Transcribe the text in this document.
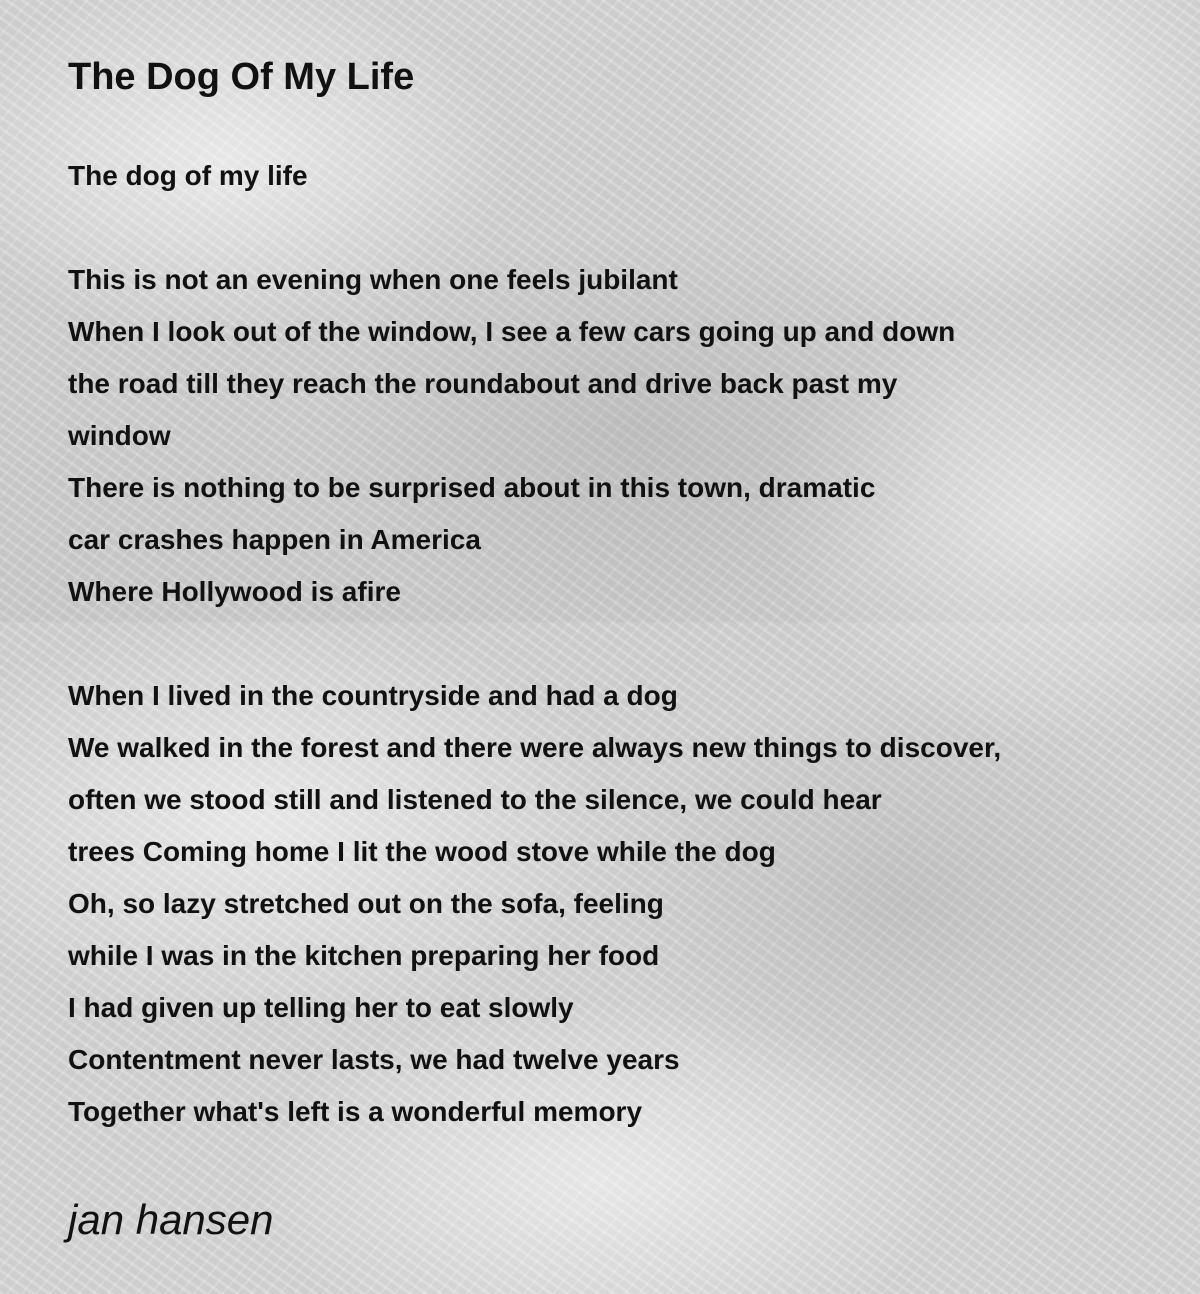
The Dog Of My Life
The dog of my life
This is not an evening when one feels jubilant
When I look out of the window, I see a few cars going up and down
the road till they reach the roundabout and drive back past my
window
There is nothing to be surprised about in this town, dramatic
car crashes happen in America
Where Hollywood is afire
When I lived in the countryside and had a dog
We walked in the forest and there were always new things to discover,
often we stood still and listened to the silence, we could hear
trees Coming home I lit the wood stove while the dog
Oh, so lazy stretched out on the sofa, feeling
while I was in the kitchen preparing her food
I had given up telling her to eat slowly
Contentment never lasts, we had twelve years
Together what's left is a wonderful memory

jan hansen
